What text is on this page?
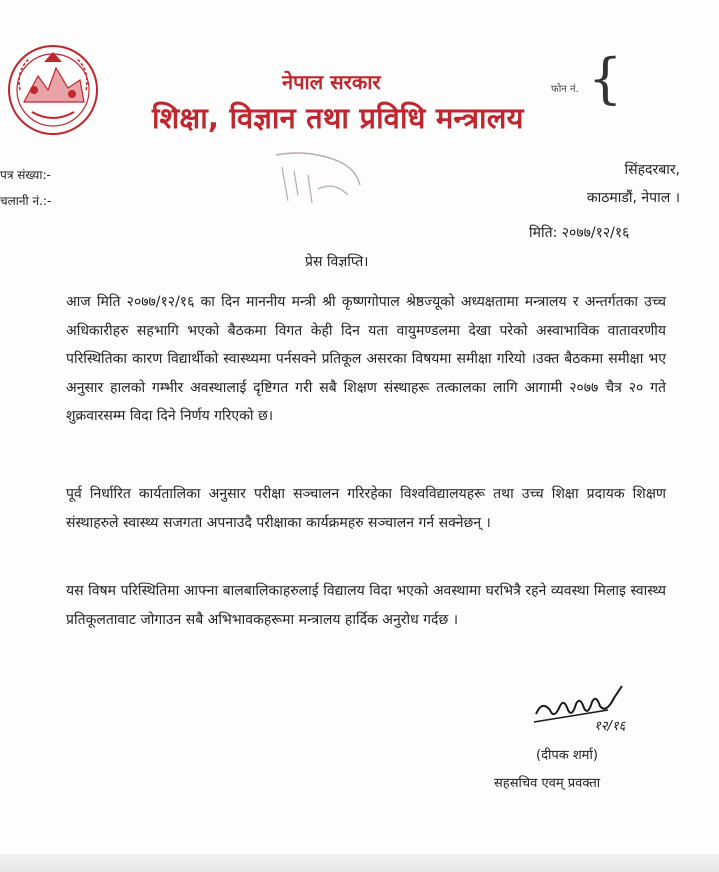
नेपाल सरकार
शिक्षा, विज्ञान तथा प्रविधि मन्त्रालय
फोन नं. {
पत्र संख्या:-
चलानी नं.:-
सिंहदरबार,
काठमाडौं, नेपाल ।
मिति: २०७७/१२/१६
प्रेस विज्ञप्ति।
आज मिति २०७७/१२/१६ का दिन माननीय मन्त्री श्री कृष्णगोपाल श्रेष्ठज्यूको अध्यक्षतामा मन्त्रालय र अन्तर्गतका उच्च अधिकारीहरु सहभागि भएको बैठकमा विगत केही दिन यता वायुमण्डलमा देखा परेको अस्वाभाविक वातावरणीय परिस्थितिका कारण विद्यार्थीको स्वास्थ्यमा पर्नसक्ने प्रतिकूल असरका विषयमा समीक्षा गरियो ।उक्त बैठकमा समीक्षा भए अनुसार हालको गम्भीर अवस्थालाई दृष्टिगत गरी सबै शिक्षण संस्थाहरू तत्कालका लागि आगामी २०७७ चैत्र २० गते शुक्रवारसम्म विदा दिने निर्णय गरिएको छ।
पूर्व निर्धारित कार्यतालिका अनुसार परीक्षा सञ्चालन गरिरहेका विश्वविद्यालयहरू तथा उच्च शिक्षा प्रदायक शिक्षण संस्थाहरुले स्वास्थ्य सजगता अपनाउदै परीक्षाका कार्यक्रमहरु सञ्चालन गर्न सक्नेछन् ।
यस विषम परिस्थितिमा आफ्ना बालबालिकाहरुलाई विद्यालय विदा भएको अवस्थामा घरभित्रै रहने व्यवस्था मिलाइ स्वास्थ्य प्रतिकूलतावाट जोगाउन सबै अभिभावकहरूमा मन्त्रालय हार्दिक अनुरोध गर्दछ ।
१२/१६
(दीपक शर्मा)
सहसचिव एवम् प्रवक्ता
